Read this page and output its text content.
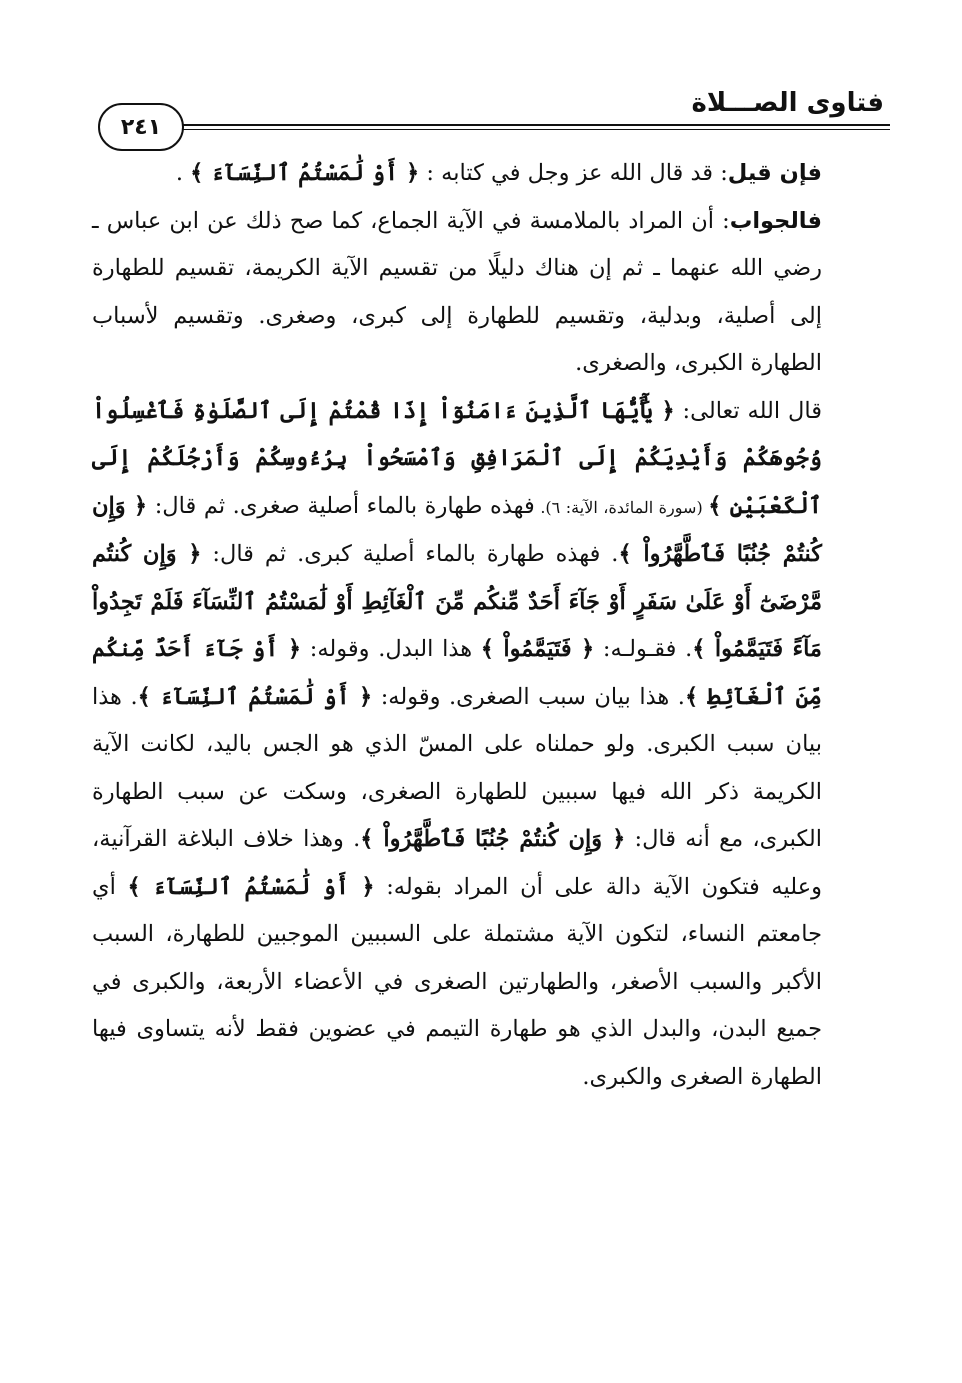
فتاوى الصـــلاة
٢٤١

فإن قيل: قد قال الله عز وجل في كتابه : ﴿ أَوْ لَٰمَسْتُمُ ٱلنِّسَآءَ ﴾ .

فالجواب: أن المراد بالملامسة في الآية الجماع، كما صح ذلك عن ابن عباس ـ رضي الله عنهما ـ ثم إن هناك دليلًا من تقسيم الآية الكريمة، تقسيم للطهارة إلى أصلية، وبدلية، وتقسيم للطهارة إلى كبرى، وصغرى. وتقسيم لأسباب الطهارة الكبرى، والصغرى.

قال الله تعالى: ﴿ يَٰٓأَيُّهَا ٱلَّذِينَ ءَامَنُوٓاْ إِذَا قُمْتُمْ إِلَى ٱلصَّلَوٰةِ فَٱغْسِلُواْ وُجُوهَكُمْ وَأَيْدِيَكُمْ إِلَى ٱلْمَرَافِقِ وَٱمْسَحُواْ بِرُءُوسِكُمْ وَأَرْجُلَكُمْ إِلَى ٱلْكَعْبَيْنِ ﴾ (سورة المائدة، الآية: ٦). فهذه طهارة بالماء أصلية صغرى. ثم قال: ﴿ وَإِن كُنتُمْ جُنُبًا فَٱطَّهَّرُواْ ﴾. فهذه طهارة بالماء أصلية كبرى. ثم قال: ﴿ وَإِن كُنتُم مَّرْضَىٰٓ أَوْ عَلَىٰ سَفَرٍ أَوْ جَآءَ أَحَدٌ مِّنكُم مِّنَ ٱلْغَآئِطِ أَوْ لَٰمَسْتُمُ ٱلنِّسَآءَ فَلَمْ تَجِدُواْ مَآءً فَتَيَمَّمُواْ ﴾. فقـولـه: ﴿ فَتَيَمَّمُواْ ﴾ هذا البدل. وقوله: ﴿ أَوْ جَآءَ أَحَدٌ مِّنكُم مِّنَ ٱلْغَآئِطِ ﴾. هذا بيان سبب الصغرى. وقوله: ﴿ أَوْ لَٰمَسْتُمُ ٱلنِّسَآءَ ﴾. هذا بيان سبب الكبرى. ولو حملناه على المسّ الذي هو الجس باليد، لكانت الآية الكريمة ذكر الله فيها سببين للطهارة الصغرى، وسكت عن سبب الطهارة الكبرى، مع أنه قال: ﴿ وَإِن كُنتُمْ جُنُبًا فَٱطَّهَّرُواْ ﴾. وهذا خلاف البلاغة القرآنية، وعليه فتكون الآية دالة على أن المراد بقوله: ﴿ أَوْ لَٰمَسْتُمُ ٱلنِّسَآءَ ﴾ أي جامعتم النساء، لتكون الآية مشتملة على السببين الموجبين للطهارة، السبب الأكبر والسبب الأصغر، والطهارتين الصغرى في الأعضاء الأربعة، والكبرى في جميع البدن، والبدل الذي هو طهارة التيمم في عضوين فقط لأنه يتساوى فيها الطهارة الصغرى والكبرى.
